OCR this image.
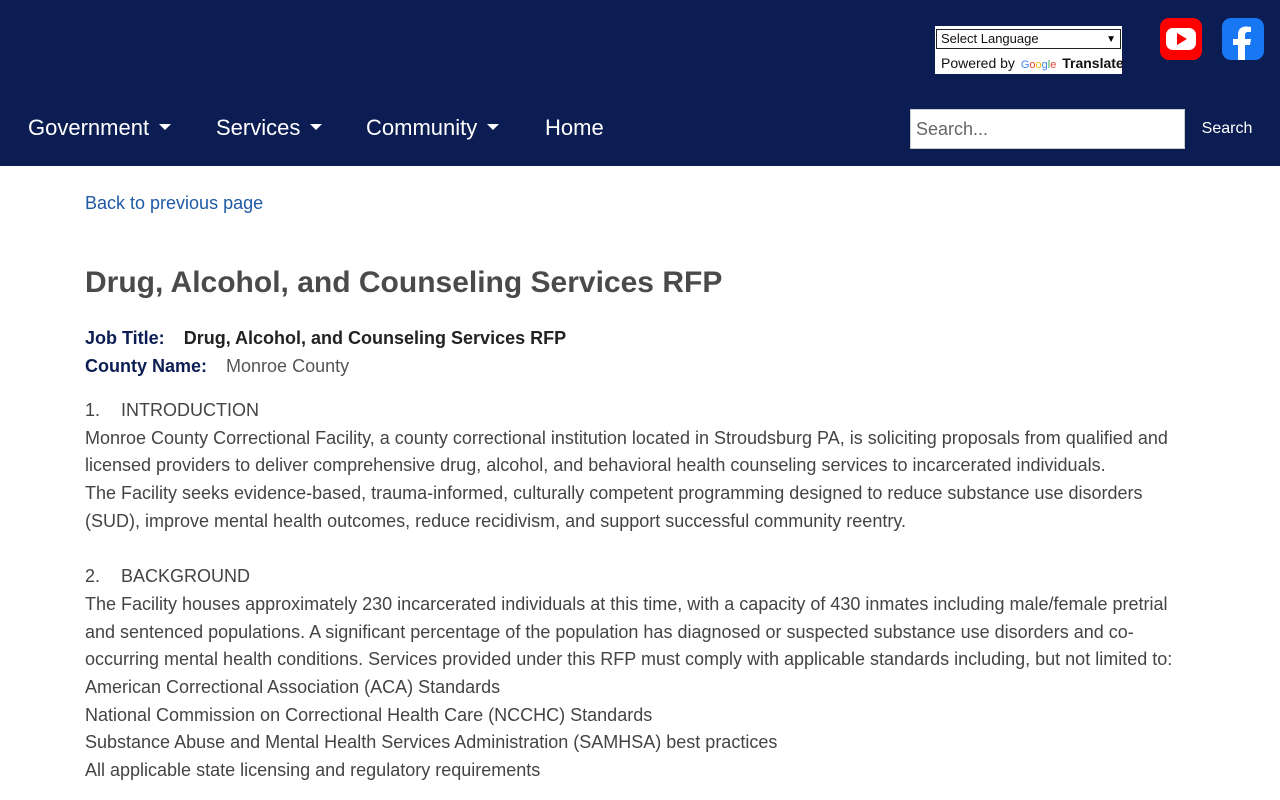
Select Language	▼
Powered by Google Translate
Government	Services	Community	Home
Search...	Search
Back to previous page
Drug, Alcohol, and Counseling Services RFP
Job Title: Drug, Alcohol, and Counseling Services RFP
County Name: Monroe County

1. INTRODUCTION

Monroe County Correctional Facility, a county correctional institution located in Stroudsburg PA, is soliciting proposals from qualified and licensed providers to deliver comprehensive drug, alcohol, and behavioral health counseling services to incarcerated individuals.

The Facility seeks evidence-based, trauma-informed, culturally competent programming designed to reduce substance use disorders (SUD), improve mental health outcomes, reduce recidivism, and support successful community reentry.

2. BACKGROUND

The Facility houses approximately 230 incarcerated individuals at this time, with a capacity of 430 inmates including male/female pretrial and sentenced populations. A significant percentage of the population has diagnosed or suspected substance use disorders and co-occurring mental health conditions. Services provided under this RFP must comply with applicable standards including, but not limited to: American Correctional Association (ACA) Standards

National Commission on Correctional Health Care (NCCHC) Standards

Substance Abuse and Mental Health Services Administration (SAMHSA) best practices

All applicable state licensing and regulatory requirements
